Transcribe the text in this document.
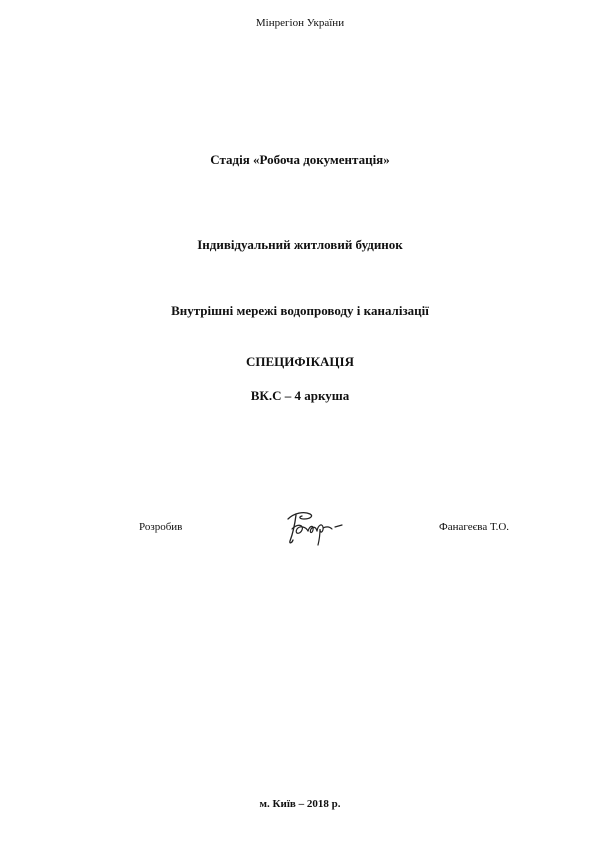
Мінрегіон України
Стадія «Робоча документація»
Індивідуальний житловий будинок
Внутрішні мережі водопроводу і каналізації
СПЕЦИФІКАЦІЯ
ВК.С – 4 аркуша
Розробив	Фанагеєва Т.О.
м. Київ – 2018 р.
